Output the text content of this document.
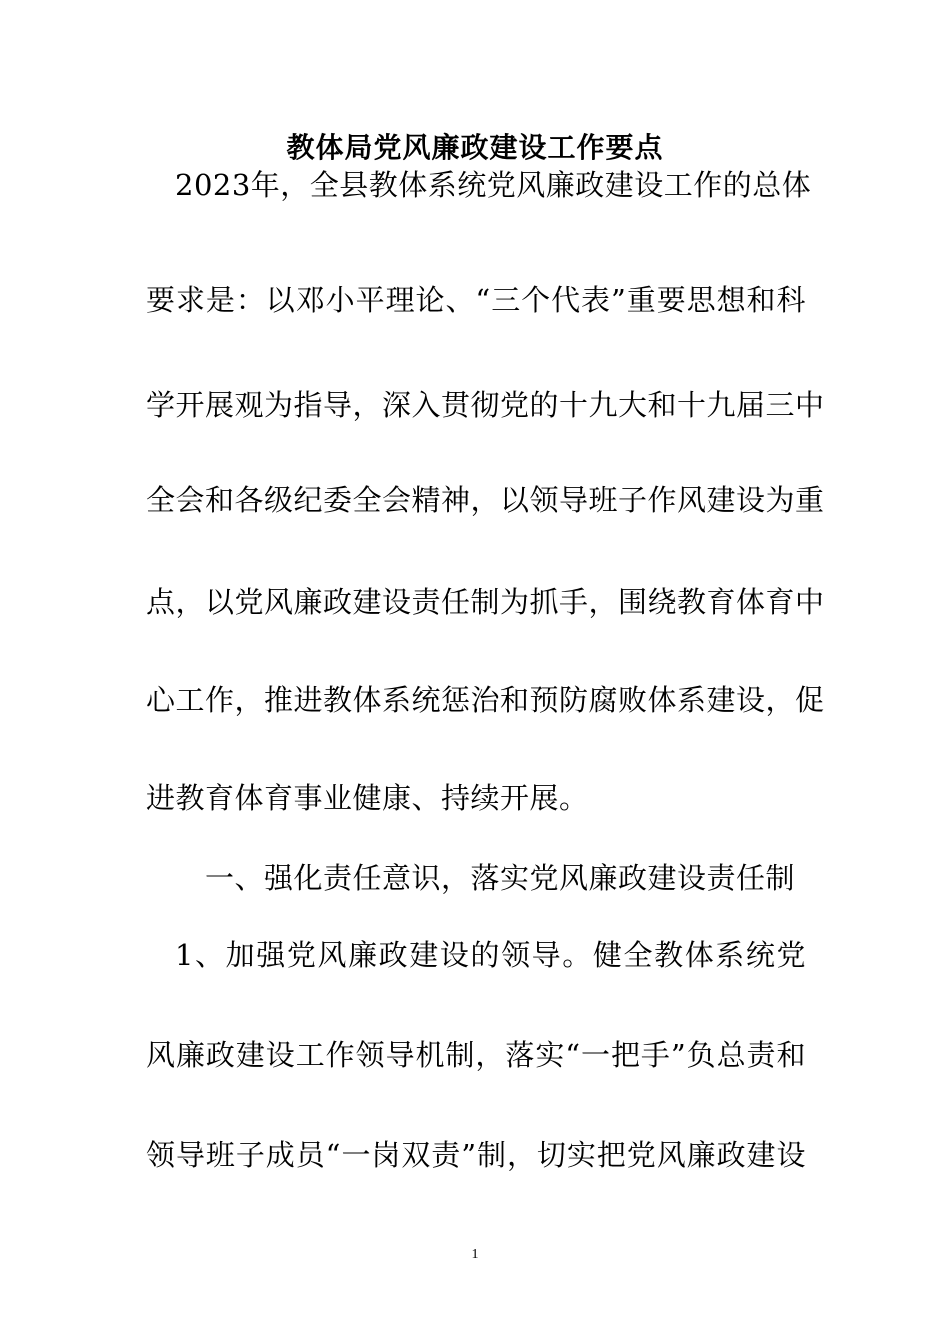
教体局党风廉政建设工作要点
2023年，全县教体系统党风廉政建设工作的总体
要求是：以邓小平理论、“三个代表”重要思想和科
学开展观为指导，深入贯彻党的十九大和十九届三中
全会和各级纪委全会精神，以领导班子作风建设为重
点，以党风廉政建设责任制为抓手，围绕教育体育中
心工作，推进教体系统惩治和预防腐败体系建设，促
进教育体育事业健康、持续开展。
一、强化责任意识，落实党风廉政建设责任制
1、加强党风廉政建设的领导。健全教体系统党
风廉政建设工作领导机制，落实“一把手”负总责和
领导班子成员“一岗双责”制，切实把党风廉政建设
1
